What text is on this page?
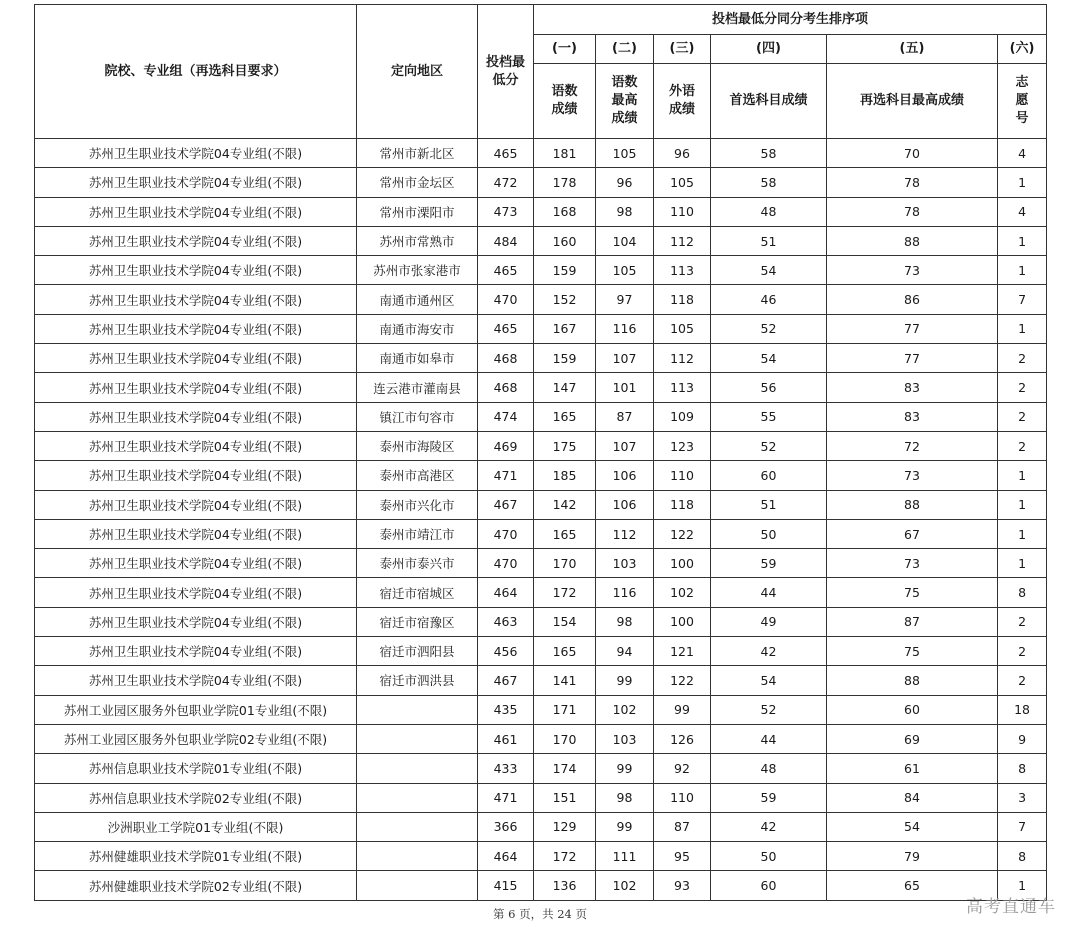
院校、专业组（再选科目要求）	定向地区	投档最低分	投档最低分同分考生排序项					
			(一)	(二)	(三)	(四)	(五)	(六)
			语数成绩	语数最高成绩	外语成绩	首选科目成绩	再选科目最高成绩	志愿号
苏州卫生职业技术学院04专业组(不限)	常州市新北区	465	181	105	96	58	70	4
苏州卫生职业技术学院04专业组(不限)	常州市金坛区	472	178	96	105	58	78	1
苏州卫生职业技术学院04专业组(不限)	常州市溧阳市	473	168	98	110	48	78	4
苏州卫生职业技术学院04专业组(不限)	苏州市常熟市	484	160	104	112	51	88	1
苏州卫生职业技术学院04专业组(不限)	苏州市张家港市	465	159	105	113	54	73	1
苏州卫生职业技术学院04专业组(不限)	南通市通州区	470	152	97	118	46	86	7
苏州卫生职业技术学院04专业组(不限)	南通市海安市	465	167	116	105	52	77	1
苏州卫生职业技术学院04专业组(不限)	南通市如皋市	468	159	107	112	54	77	2
苏州卫生职业技术学院04专业组(不限)	连云港市灌南县	468	147	101	113	56	83	2
苏州卫生职业技术学院04专业组(不限)	镇江市句容市	474	165	87	109	55	83	2
苏州卫生职业技术学院04专业组(不限)	泰州市海陵区	469	175	107	123	52	72	2
苏州卫生职业技术学院04专业组(不限)	泰州市高港区	471	185	106	110	60	73	1
苏州卫生职业技术学院04专业组(不限)	泰州市兴化市	467	142	106	118	51	88	1
苏州卫生职业技术学院04专业组(不限)	泰州市靖江市	470	165	112	122	50	67	1
苏州卫生职业技术学院04专业组(不限)	泰州市泰兴市	470	170	103	100	59	73	1
苏州卫生职业技术学院04专业组(不限)	宿迁市宿城区	464	172	116	102	44	75	8
苏州卫生职业技术学院04专业组(不限)	宿迁市宿豫区	463	154	98	100	49	87	2
苏州卫生职业技术学院04专业组(不限)	宿迁市泗阳县	456	165	94	121	42	75	2
苏州卫生职业技术学院04专业组(不限)	宿迁市泗洪县	467	141	99	122	54	88	2
苏州工业园区服务外包职业学院01专业组(不限)		435	171	102	99	52	60	18
苏州工业园区服务外包职业学院02专业组(不限)		461	170	103	126	44	69	9
苏州信息职业技术学院01专业组(不限)		433	174	99	92	48	61	8
苏州信息职业技术学院02专业组(不限)		471	151	98	110	59	84	3
沙洲职业工学院01专业组(不限)		366	129	99	87	42	54	7
苏州健雄职业技术学院01专业组(不限)		464	172	111	95	50	79	8
苏州健雄职业技术学院02专业组(不限)		415	136	102	93	60	65	1
第 6 页，共 24 页	高考直通车
